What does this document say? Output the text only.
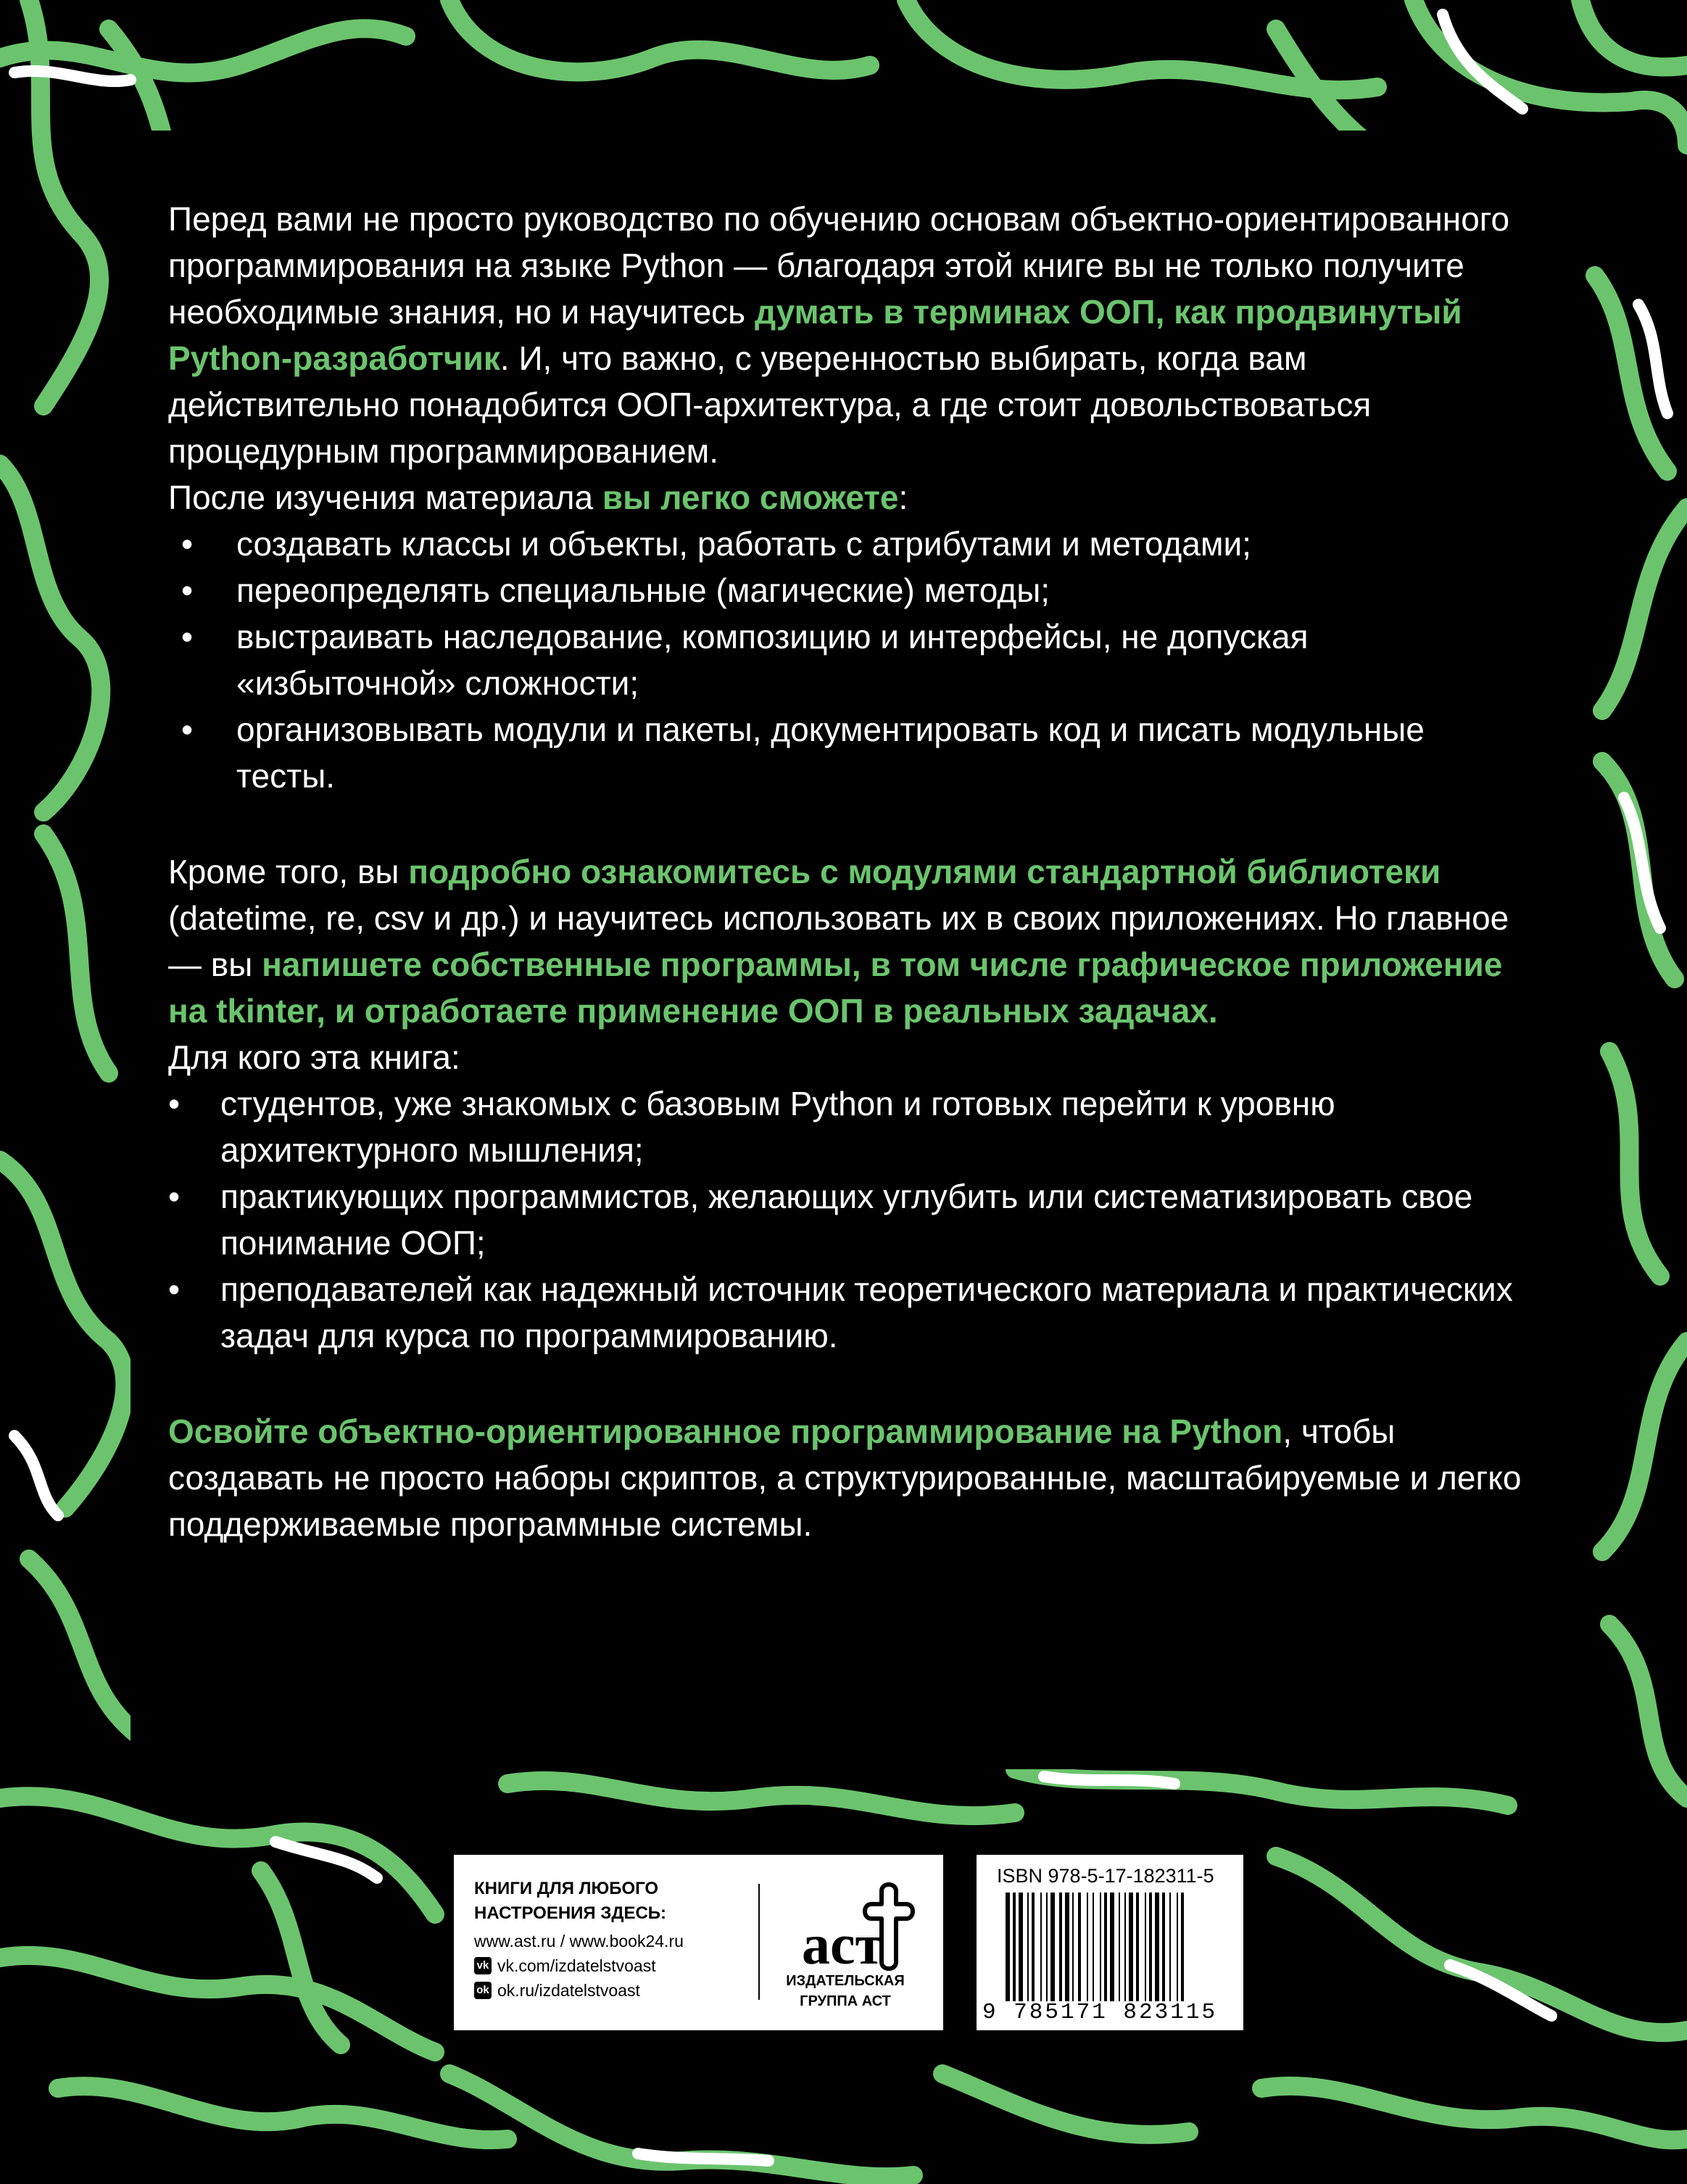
Перед вами не просто руководство по обучению основам объектно-ориентированного программирования на языке Python — благодаря этой книге вы не только получите необходимые знания, но и научитесь думать в терминах ООП, как продвинутый Python-разработчик. И, что важно, с уверенностью выбирать, когда вам действительно понадобится ООП-архитектура, а где стоит довольствоваться процедурным программированием.

После изучения материала вы легко сможете:

• создавать классы и объекты, работать с атрибутами и методами;
• переопределять специальные (магические) методы;
• выстраивать наследование, композицию и интерфейсы, не допуская «избыточной» сложности;
• организовывать модули и пакеты, документировать код и писать модульные тесты.

Кроме того, вы подробно ознакомитесь с модулями стандартной библиотеки (datetime, re, csv и др.) и научитесь использовать их в своих приложениях. Но главное — вы напишете собственные программы, в том числе графическое приложение на tkinter, и отработаете применение ООП в реальных задачах.

Для кого эта книга:

• студентов, уже знакомых с базовым Python и готовых перейти к уровню архитектурного мышления;
• практикующих программистов, желающих углубить или систематизировать свое понимание ООП;
• преподавателей как надежный источник теоретического материала и практических задач для курса по программированию.

Освойте объектно-ориентированное программирование на Python, чтобы создавать не просто наборы скриптов, а структурированные, масштабируемые и легко поддерживаемые программные системы.

КНИГИ ДЛЯ ЛЮБОГО
НАСТРОЕНИЯ ЗДЕСЬ:
www.ast.ru / www.book24.ru
vk vk.com/izdatelstvoast
ok ok.ru/izdatelstvoast
аст
ИЗДАТЕЛЬСКАЯ
ГРУППА АСТ
ISBN 978-5-17-182311-5
9 785171 823115
